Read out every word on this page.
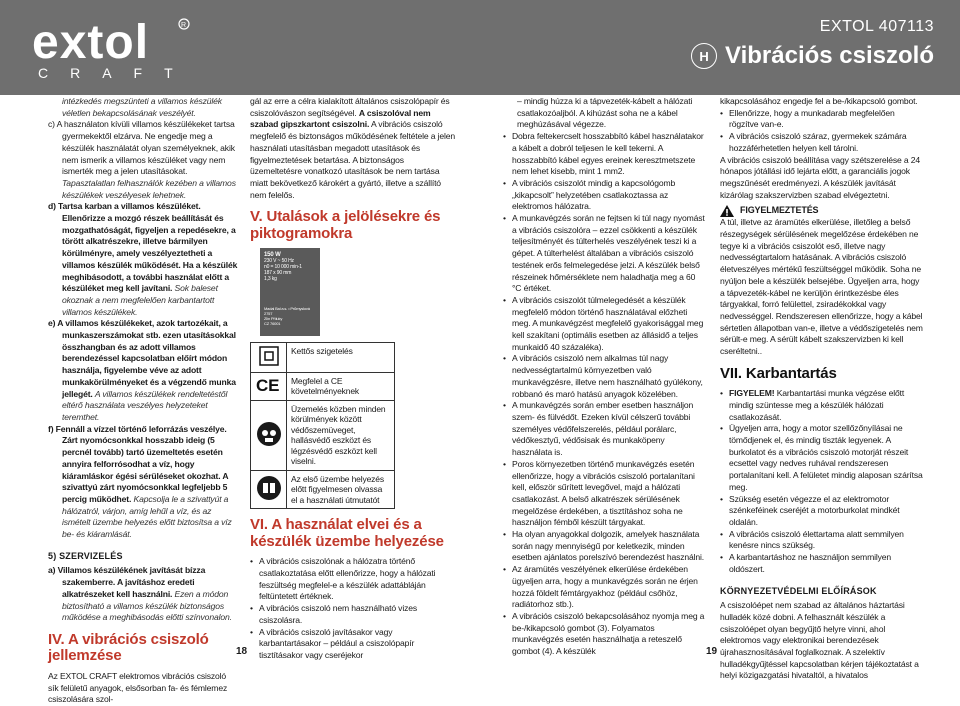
extol	R
CRAFT
EXTOL 407113
H Vibrációs csiszoló

intézkedés megszünteti a villamos készülék véletlen bekapcsolásának veszélyét.

c) A használaton kívüli villamos készülékeket tartsa gyermekektől elzárva. Ne engedje meg a készülék használatát olyan személyeknek, akik nem ismerik a villamos készüléket vagy nem ismerték meg a jelen utasításokat. Tapasztalatlan felhasználók kezében a villamos készülékek veszélyesek lehetnek.

d) Tartsa karban a villamos készüléket. Ellenőrizze a mozgó részek beállítását és mozgathatóságát, figyeljen a repedésekre, a törött alkatrészekre, illetve bármilyen körülményre, amely veszélyeztetheti a villamos készülék működését. Ha a készülék meghibásodott, a további használat előtt a készüléket meg kell javítani. Sok baleset okoznak a nem megfelelően karbantartott villamos készülékek.

e) A villamos készülékeket, azok tartozékait, a munkaszerszámokat stb. ezen utasításokkal összhangban és az adott villamos berendezéssel kapcsolatban előírt módon használja, figyelembe véve az adott munkakörülményeket és a végzendő munka jellegét. A villamos készülékek rendeltetéstől eltérő használata veszélyes helyzeteket teremthet.

f) Fennáll a vízzel történő leforrázás veszélye. Zárt nyomócsonkkal hosszabb ideig (5 percnél tovább) tartó üzemeltetés esetén annyira felforrósodhat a víz, hogy kiáramláskor égési sérüléseket okozhat. A szivattyú zárt nyomócsonkkal legfeljebb 5 percig működhet. Kapcsolja le a szivattyút a hálózatról, várjon, amíg lehűl a víz, és az ismételt üzembe helyezés előtt biztosítsa a víz be- és kiáramlását.

5) SZERVIZELÉS

a) Villamos készülékének javítását bízza szakemberre. A javításhoz eredeti alkatrészeket kell használni. Ezen a módon biztosítható a villamos készülék biztonságos működése a meghibásodás előtti színvonalon.

IV. A vibrációs csiszoló jellemzése

Az EXTOL CRAFT elektromos vibrációs csiszoló sík felületű anyagok, elsősorban fa- és fémlemez csiszolására szol-

gál az erre a célra kialakított általános csiszolópapír és csiszolóvászon segítségével. A csiszolóval nem szabad gipszkartont csiszolni. A vibrációs csiszoló megfelelő és biztonságos működésének feltétele a jelen használati utasításban megadott utasítások és figyelmeztetések betartása. A biztonságos üzemeltetésre vonatkozó utasítások be nem tartása miatt bekövetkező károkért a gyártó, illetve a szállító nem felelős.

V. Utalások a jelölésekre és piktogramokra
150 W
230 V ~ 50 Hz
n0 = 10 000 min-1
187 x 90 mm
1,3 kg
Madal Bal a.s. • Průmyslová 2757
Zlín Příluky
CZ 76001
	Kettős szigetelés

CE	Megfelel a CE követelményeknek
	Üzemelés közben minden körülmények között védőszemüveget, hallásvédő eszközt és légzésvédő eszközt kell viselni.
	Az első üzembe helyezés előtt figyelmesen olvassa el a használati útmutatót
VI. A használat elvei és a készülék üzembe helyezése

• A vibrációs csiszolónak a hálózatra történő csatlakoztatása előtt ellenőrizze, hogy a hálózati feszültség megfelel-e a készülék adattábláján feltüntetett értéknek.

• A vibrációs csiszoló nem használható vizes csiszolásra.

• A vibrációs csiszoló javításakor vagy karbantartásakor – például a csiszolópapír tisztításakor vagy cseréjekor

– mindig húzza ki a tápvezeték-kábelt a hálózati csatlakozóaljból. A kihúzást soha ne a kábel meghúzásával végezze.

• Dobra feltekercselt hosszabbító kábel használatakor a kábelt a dobról teljesen le kell tekerni. A hosszabbító kábel egyes ereinek keresztmetszete nem lehet kisebb, mint 1 mm2.

• A vibrációs csiszolót mindig a kapcsológomb „kikapcsolt” helyzetében csatlakoztassa az elektromos hálózatra.

• A munkavégzés során ne fejtsen ki túl nagy nyomást a vibrációs csiszolóra – ezzel csökkenti a készülék teljesítményét és túlterhelés veszélyének teszi ki a gépet. A túlterhelést általában a vibrációs csiszoló testének erős felmelegedése jelzi. A készülék belső részeinek hőmérséklete nem haladhatja meg a 60 °C értéket.

• A vibrációs csiszolót túlmelegedését a készülék megfelelő módon történő használatával előzheti meg. A munkavégzést megfelelő gyakorisággal meg kell szakítani (optimális esetben az állásidő a teljes munkaidő 40 százaléka).

• A vibrációs csiszoló nem alkalmas túl nagy nedvességtartalmú környezetben való munkavégzésre, illetve nem használható gyúlékony, robbanó és maró hatású anyagok közelében.

• A munkavégzés során ember esetben használjon szem- és fülvédőt. Ezeken kívül célszerű további személyes védőfelszerelés, például porálarc, védőkesztyű, védősisak és munkaköpeny használata is.

• Poros környezetben történő munkavégzés esetén ellenőrizze, hogy a vibrációs csiszoló portalanítani kell, először sűrített levegővel, majd a hálózati csatlakozást. A belső alkatrészek sérülésének megelőzése érdekében, a tisztításhoz soha ne használjon fémből készült tárgyakat.

• Ha olyan anyagokkal dolgozik, amelyek használata során nagy mennyiségű por keletkezik, minden esetben ajánlatos porelszívó berendezést használni.

• Az áramütés veszélyének elkerülése érdekében ügyeljen arra, hogy a munkavégzés során ne érjen hozzá földelt fémtárgyakhoz (például csőhöz, radiátorhoz stb.).

• A vibrációs csiszoló bekapcsolásához nyomja meg a be-/kikapcsoló gombot (3). Folyamatos munkavégzés esetén használhatja a reteszelő gombot (4). A készülék

kikapcsolásához engedje fel a be-/kikapcsoló gombot.

• Ellenőrizze, hogy a munkadarab megfelelően rögzítve van-e.

• A vibrációs csiszoló száraz, gyermekek számára hozzáférhetetlen helyen kell tárolni.

A vibrációs csiszoló beállítása vagy szétszerelése a 24 hónapos jótállási idő lejárta előtt, a garanciális jogok megszűnését eredményezi. A készülék javítását kizárólag szakszervizben szabad elvégeztetni.

FIGYELMEZTETÉS

A túl, illetve az áramütés elkerülése, illetőleg a belső részegységek sérülésének megelőzése érdekében ne tegye ki a vibrációs csiszolót eső, illetve nagy nedvességtartalom hatásának. A vibrációs csiszoló életveszélyes mértékű feszültséggel működik. Soha ne nyúljon bele a készülék belsejébe. Ügyeljen arra, hogy a tápvezeték-kábel ne kerüljön érintkezésbe éles tárgyakkal, forró felülettel, zsiradékokkal vagy nedvességgel. Rendszeresen ellenőrizze, hogy a kábel sértetlen állapotban van-e, illetve a védőszigetelés nem sérült-e meg. A sérült kábelt szakszervizben ki kell cseréltetni..

VII. Karbantartás

• FIGYELEM! Karbantartási munka végzése előtt mindig szüntesse meg a készülék hálózati csatlakozását.

• Ügyeljen arra, hogy a motor szellőzőnyílásai ne tömődjenek el, és mindig tiszták legyenek. A burkolatot és a vibrációs csiszoló motorját részeit ecsettel vagy nedves ruhával rendszeresen portalanítani kell. A felületet mindig alaposan szárítsa meg.

• Szükség esetén végezze el az elektromotor szénkeféinek cseréjét a motorburkolat mindkét oldalán.

• A vibrációs csiszoló élettartama alatt semmilyen kenésre nincs szükség.

• A karbantartáshoz ne használjon semmilyen oldószert.

KÖRNYEZETVÉDELMI ELŐÍRÁSOK

A csiszolóépet nem szabad az általános háztartási hulladék közé dobni. A felhasznált készülék a csiszolóépet olyan begyűjtő helyre vinni, ahol elektromos vagy elektronikai berendezések újrahasznosításával foglalkoznak. A szelektív hulladékgyűjtéssel kapcsolatban kérjen tájékoztatást a helyi közigazgatási hivataltól, a hivatalos

18	19
